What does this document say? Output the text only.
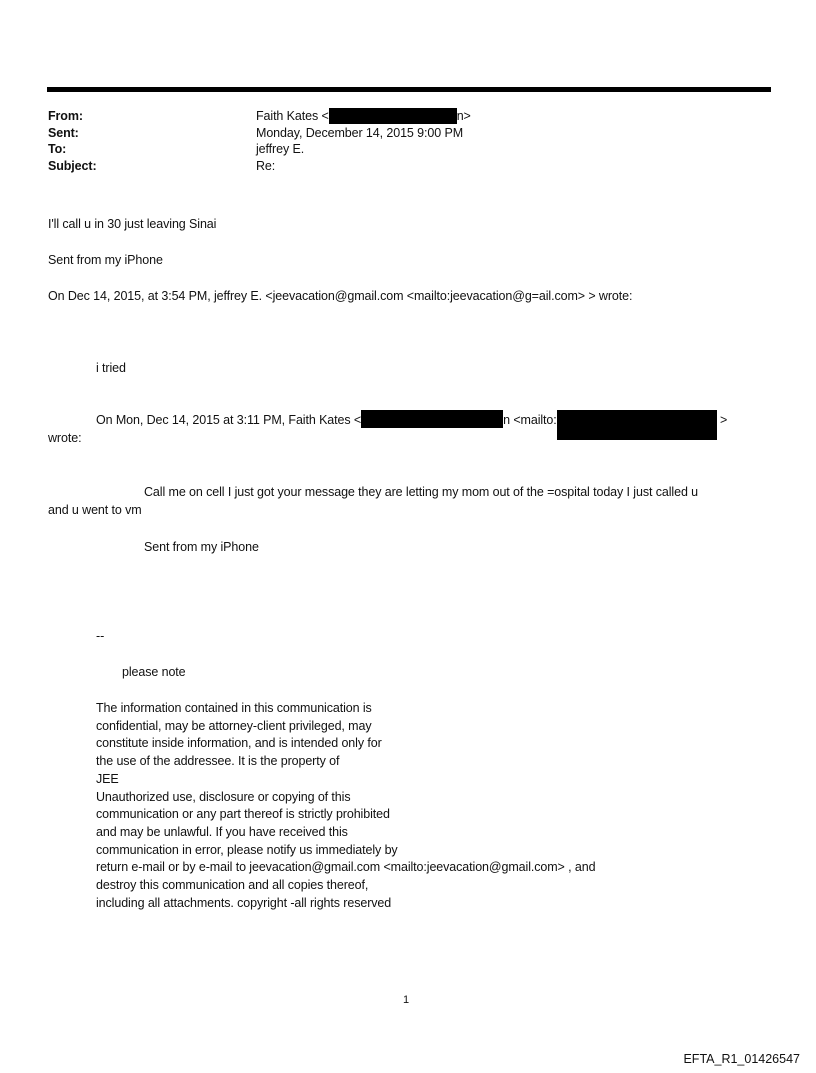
From:	Faith Kates <	n>
Sent:	Monday, December 14, 2015 9:00 PM
To:	jeffrey E.
Subject:	Re:
I'll call u in 30 just leaving Sinai
Sent from my iPhone
On Dec 14, 2015, at 3:54 PM, jeffrey E. <jeevacation@gmail.com <mailto:jeevacation@g=ail.com> > wrote:
i tried
On Mon, Dec 14, 2015 at 3:11 PM, Faith Kates <	n <mailto:	>
wrote:
Call me on cell I just got your message they are letting my mom out of the =ospital today I just called u
and u went to vm
Sent from my iPhone
--
please note
The information contained in this communication is
confidential, may be attorney-client privileged, may
constitute inside information, and is intended only for
the use of the addressee. It is the property of
JEE
Unauthorized use, disclosure or copying of this
communication or any part thereof is strictly prohibited
and may be unlawful. If you have received this
communication in error, please notify us immediately by
return e-mail or by e-mail to jeevacation@gmail.com <mailto:jeevacation@gmail.com> , and
destroy this communication and all copies thereof,
including all attachments. copyright -all rights reserved
1
EFTA_R1_01426547
